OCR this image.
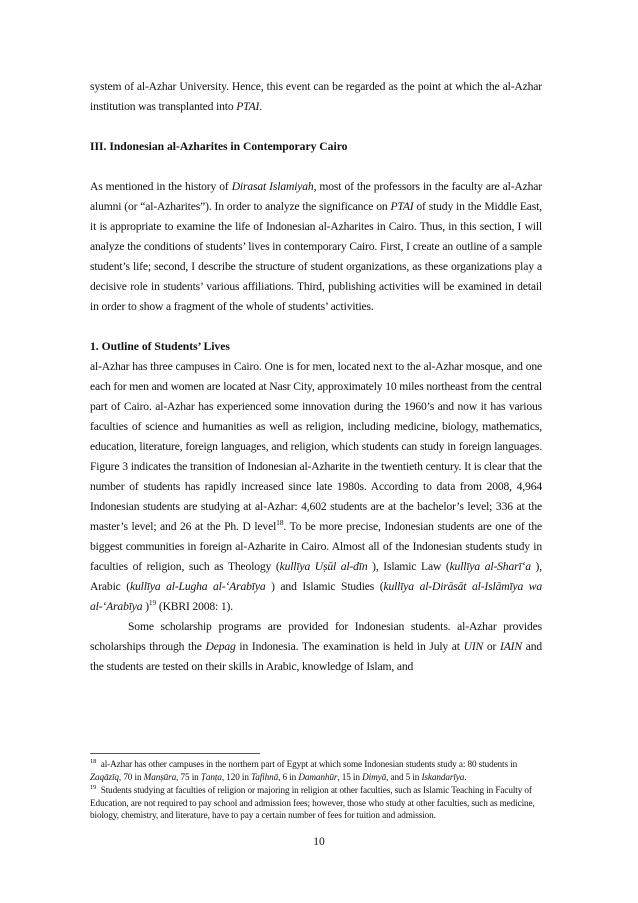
system of al-Azhar University. Hence, this event can be regarded as the point at which the al-Azhar institution was transplanted into PTAI.

III. Indonesian al-Azharites in Contemporary Cairo

As mentioned in the history of Dirasat Islamiyah, most of the professors in the faculty are al-Azhar alumni (or “al-Azharites”). In order to analyze the significance on PTAI of study in the Middle East, it is appropriate to examine the life of Indonesian al-Azharites in Cairo. Thus, in this section, I will analyze the conditions of students’ lives in contemporary Cairo. First, I create an outline of a sample student’s life; second, I describe the structure of student organizations, as these organizations play a decisive role in students’ various affiliations. Third, publishing activities will be examined in detail in order to show a fragment of the whole of students’ activities.

1. Outline of Students’ Lives

al-Azhar has three campuses in Cairo. One is for men, located next to the al-Azhar mosque, and one each for men and women are located at Nasr City, approximately 10 miles northeast from the central part of Cairo. al-Azhar has experienced some innovation during the 1960’s and now it has various faculties of science and humanities as well as religion, including medicine, biology, mathematics, education, literature, foreign languages, and religion, which students can study in foreign languages. Figure 3 indicates the transition of Indonesian al-Azharite in the twentieth century. It is clear that the number of students has rapidly increased since late 1980s. According to data from 2008, 4,964 Indonesian students are studying at al-Azhar: 4,602 students are at the bachelor’s level; 336 at the master’s level; and 26 at the Ph. D level$^{18}$. To be more precise, Indonesian students are one of the biggest communities in foreign al-Azharite in Cairo. Almost all of the Indonesian students study in faculties of religion, such as Theology (kullīya Uṣūl al-dīn ), Islamic Law (kullīya al-Sharī‘a ), Arabic (kullīya al-Lugha al-‘Arabīya ) and Islamic Studies (kullīya al-Dirāsāt al-Islāmīya wa al-‘Arabīya )$^{19}$ (KBRI 2008: 1).

Some scholarship programs are provided for Indonesian students. al-Azhar provides scholarships through the Depag in Indonesia. The examination is held in July at UIN or IAIN and the students are tested on their skills in Arabic, knowledge of Islam, and

$^{18}$ al-Azhar has other campuses in the northern part of Egypt at which some Indonesian students study a: 80 students in Zaqāzīq, 70 in Manṣūra, 75 in Ṭanṭa, 120 in Tafihnā, 6 in Damanhūr, 15 in Dimyā, and 5 in Iskandarīya.

$^{19}$ Students studying at faculties of religion or majoring in religion at other faculties, such as Islamic Teaching in Faculty of Education, are not required to pay school and admission fees; however, those who study at other faculties, such as medicine, biology, chemistry, and literature, have to pay a certain number of fees for tuition and admission.

10
